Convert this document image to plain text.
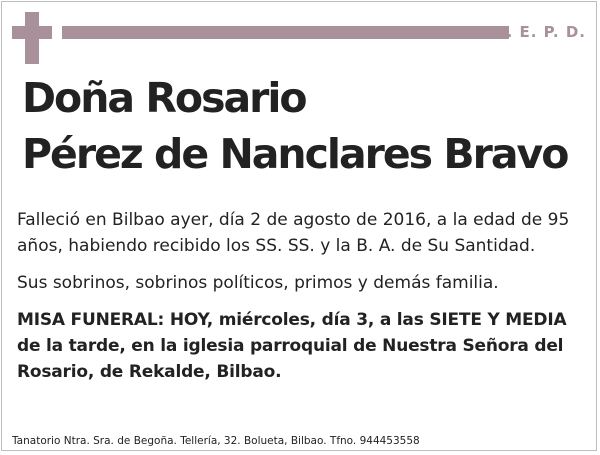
Q. E. P. D.
Doña Rosario
Pérez de Nanclares Bravo

Falleció en Bilbao ayer, día 2 de agosto de 2016, a la edad de 95 años, habiendo recibido los SS. SS. y la B. A. de Su Santidad.

Sus sobrinos, sobrinos políticos, primos y demás familia.

MISA FUNERAL: HOY, miércoles, día 3, a las SIETE Y MEDIA de la tarde, en la iglesia parroquial de Nuestra Señora del Rosario, de Rekalde, Bilbao.

Tanatorio Ntra. Sra. de Begoña. Tellería, 32. Bolueta, Bilbao. Tfno. 944453558
